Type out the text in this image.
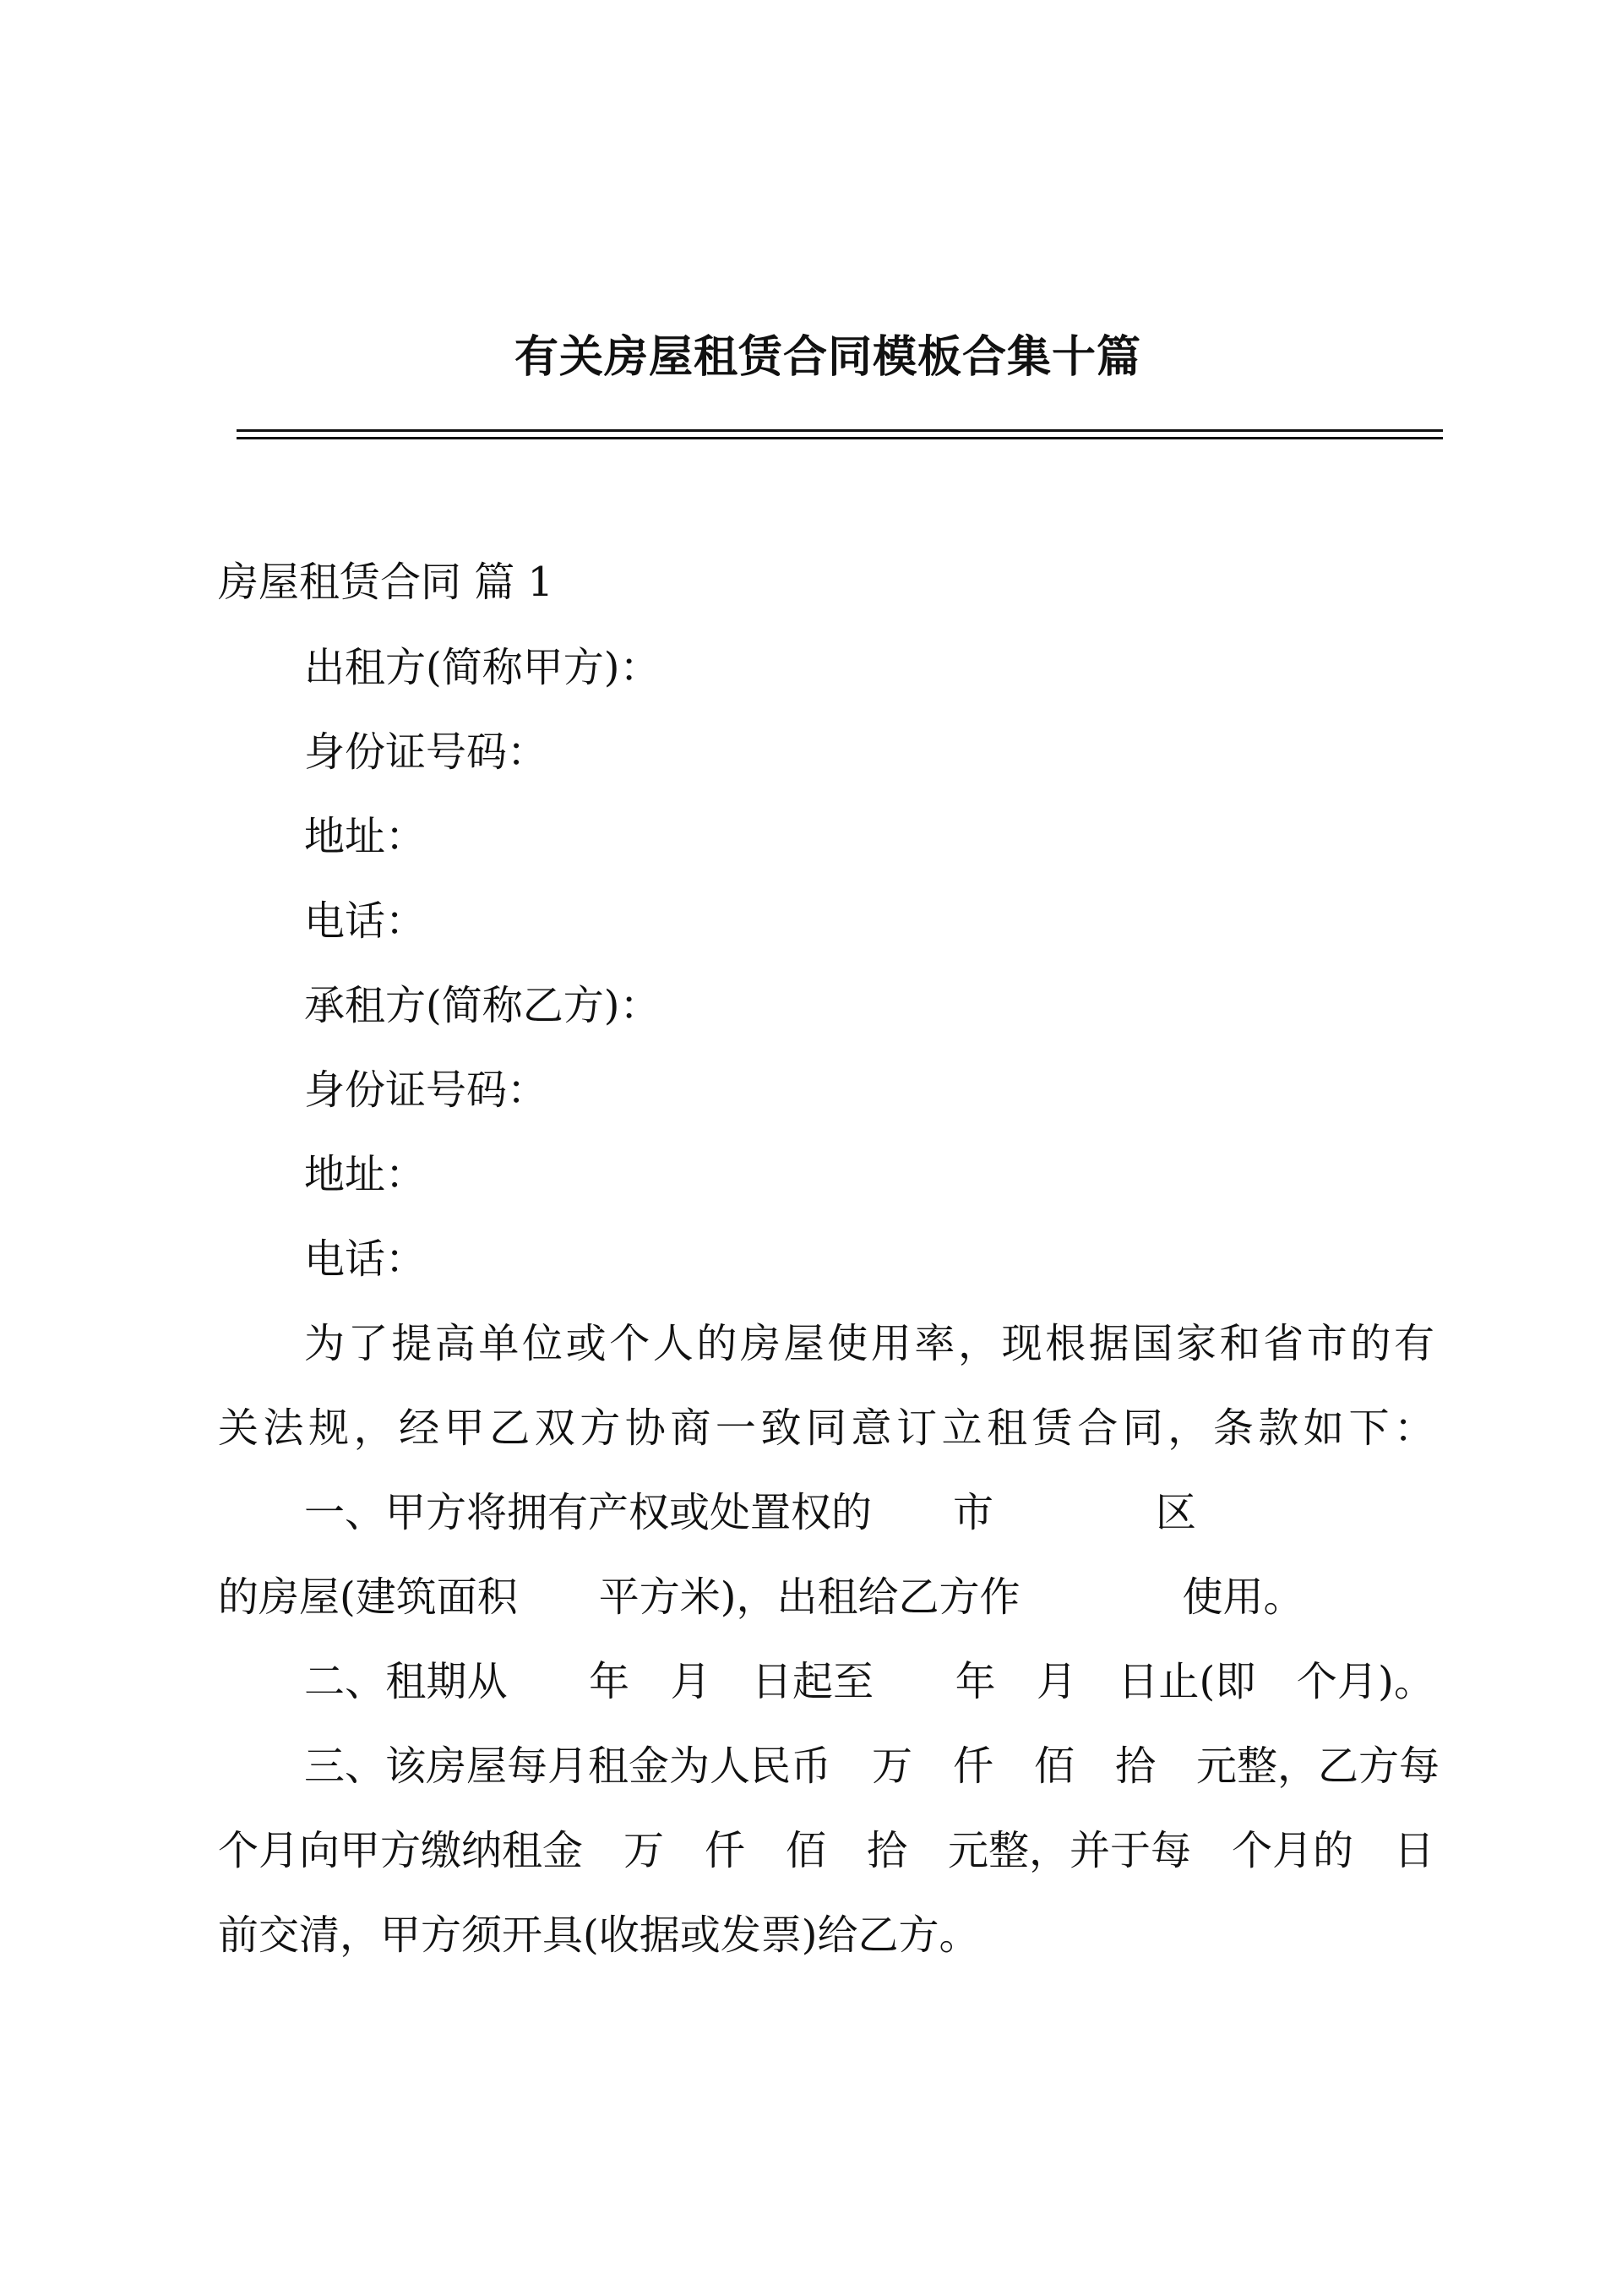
有关房屋租赁合同模板合集十篇
房屋租赁合同 篇 1
出租方(简称甲方)：
身份证号码：
地址：
电话：
承租方(简称乙方)：
身份证号码：
地址：
电话：
为了提高单位或个人的房屋使用率，现根据国家和省市的有
关法规，经甲乙双方协商一致同意订立租赁合同，条款如下：
一、甲方将拥有产权或处置权的　　市　　　　区
的房屋(建筑面积　　平方米)，出租给乙方作　　　　使用。
二、租期从　　年　月　日起至　　年　月　日止(即　个月)。
三、该房屋每月租金为人民币　万　仟　佰　拾　元整，乙方每
个月向甲方缴纳租金　万　仟　佰　拾　元整，并于每　个月的　日
前交清，甲方须开具(收据或发票)给乙方。
